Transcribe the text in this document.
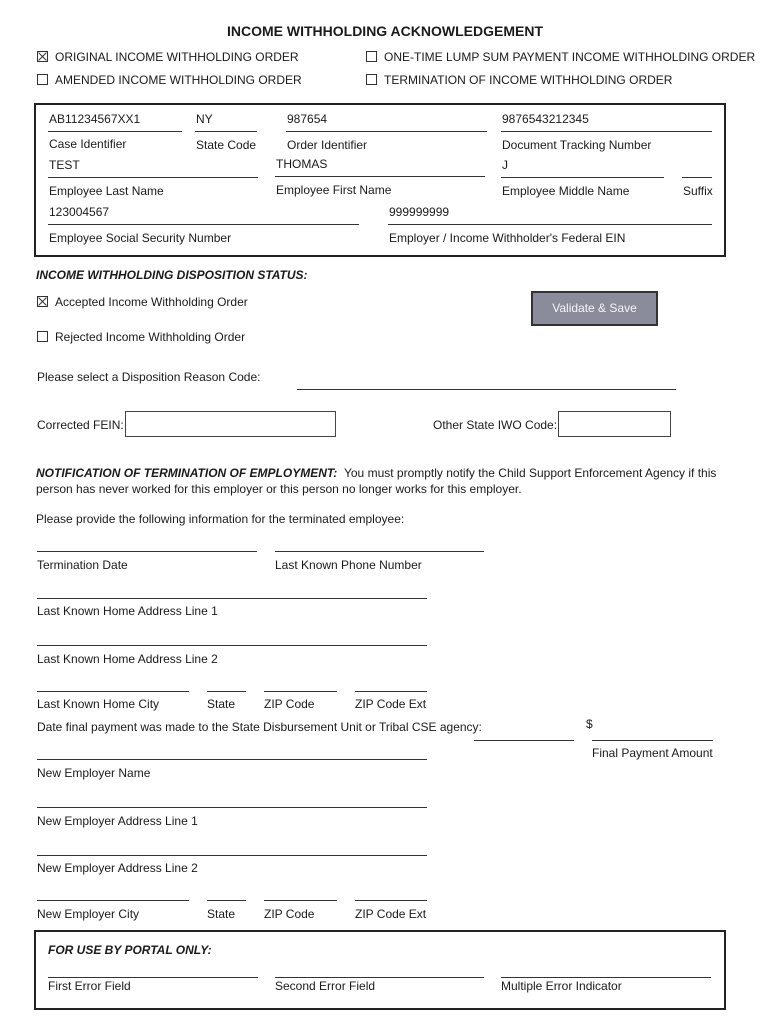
INCOME WITHHOLDING ACKNOWLEDGEMENT
ORIGINAL INCOME WITHHOLDING ORDER	ONE-TIME LUMP SUM PAYMENT INCOME WITHHOLDING ORDER
AMENDED INCOME WITHHOLDING ORDER	TERMINATION OF INCOME WITHHOLDING ORDER
AB11234567XX1
Case Identifier
NY
State Code
987654
Order Identifier
9876543212345
Document Tracking Number
TEST
Employee Last Name
THOMAS
Employee First Name
J
Employee Middle Name	Suffix
123004567
Employee Social Security Number
999999999
Employer / Income Withholder's Federal EIN
INCOME WITHHOLDING DISPOSITION STATUS:
Accepted Income Withholding Order
Rejected Income Withholding Order
Validate & Save
Please select a Disposition Reason Code:
Corrected FEIN:	Other State IWO Code:
NOTIFICATION OF TERMINATION OF EMPLOYMENT: You must promptly notify the Child Support Enforcement Agency if this
person has never worked for this employer or this person no longer works for this employer.
Please provide the following information for the terminated employee:
Termination Date	Last Known Phone Number
Last Known Home Address Line 1
Last Known Home Address Line 2
Last Known Home City	State ZIP Code	ZIP Code Ext
Date final payment was made to the State Disbursement Unit or Tribal CSE agency:	$
Final Payment Amount
New Employer Name
New Employer Address Line 1
New Employer Address Line 2
New Employer City	State ZIP Code	ZIP Code Ext
FOR USE BY PORTAL ONLY:
First Error Field	Second Error Field	Multiple Error Indicator
